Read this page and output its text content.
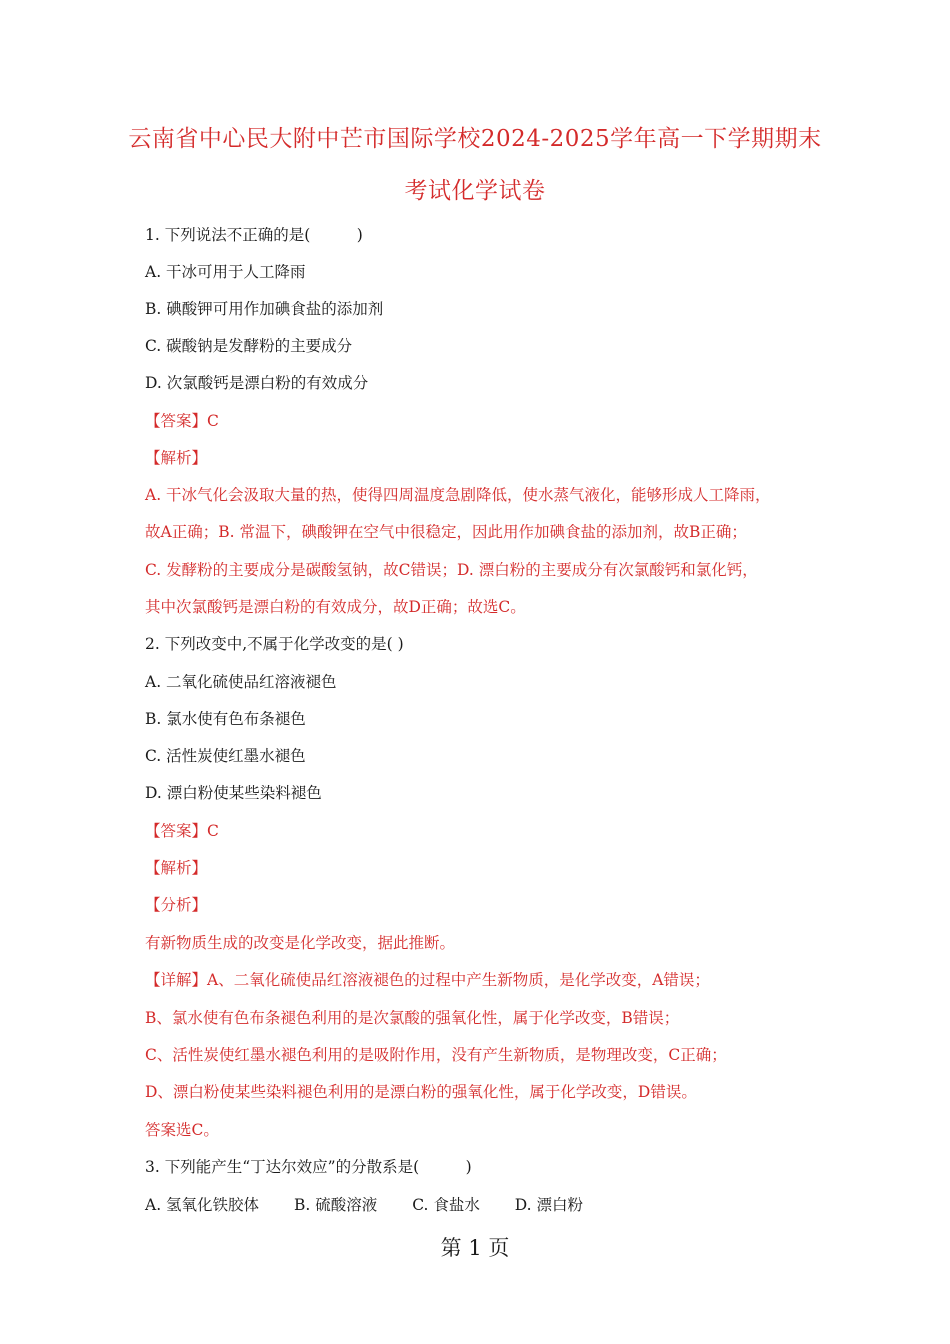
云南省中心民大附中芒市国际学校2024-2025学年高一下学期期末
考试化学试卷
1. 下列说法不正确的是(　　　)
A. 干冰可用于人工降雨
B. 碘酸钾可用作加碘食盐的添加剂
C. 碳酸钠是发酵粉的主要成分
D. 次氯酸钙是漂白粉的有效成分
【答案】C
【解析】
A. 干冰气化会汲取大量的热，使得四周温度急剧降低，使水蒸气液化，能够形成人工降雨，
故A正确；B. 常温下，碘酸钾在空气中很稳定，因此用作加碘食盐的添加剂，故B正确；
C. 发酵粉的主要成分是碳酸氢钠，故C错误；D. 漂白粉的主要成分有次氯酸钙和氯化钙，
其中次氯酸钙是漂白粉的有效成分，故D正确；故选C。
2. 下列改变中,不属于化学改变的是( )
A. 二氧化硫使品红溶液褪色
B. 氯水使有色布条褪色
C. 活性炭使红墨水褪色
D. 漂白粉使某些染料褪色
【答案】C
【解析】
【分析】
有新物质生成的改变是化学改变，据此推断。
【详解】A、二氧化硫使品红溶液褪色的过程中产生新物质，是化学改变，A错误；
B、氯水使有色布条褪色利用的是次氯酸的强氧化性，属于化学改变，B错误；
C、活性炭使红墨水褪色利用的是吸附作用，没有产生新物质，是物理改变，C正确；
D、漂白粉使某些染料褪色利用的是漂白粉的强氧化性，属于化学改变，D错误。
答案选C。
3. 下列能产生“丁达尔效应”的分散系是(　　　)
A. 氢氧化铁胶体 B. 硫酸溶液 C. 食盐水 D. 漂白粉
第 1 页
